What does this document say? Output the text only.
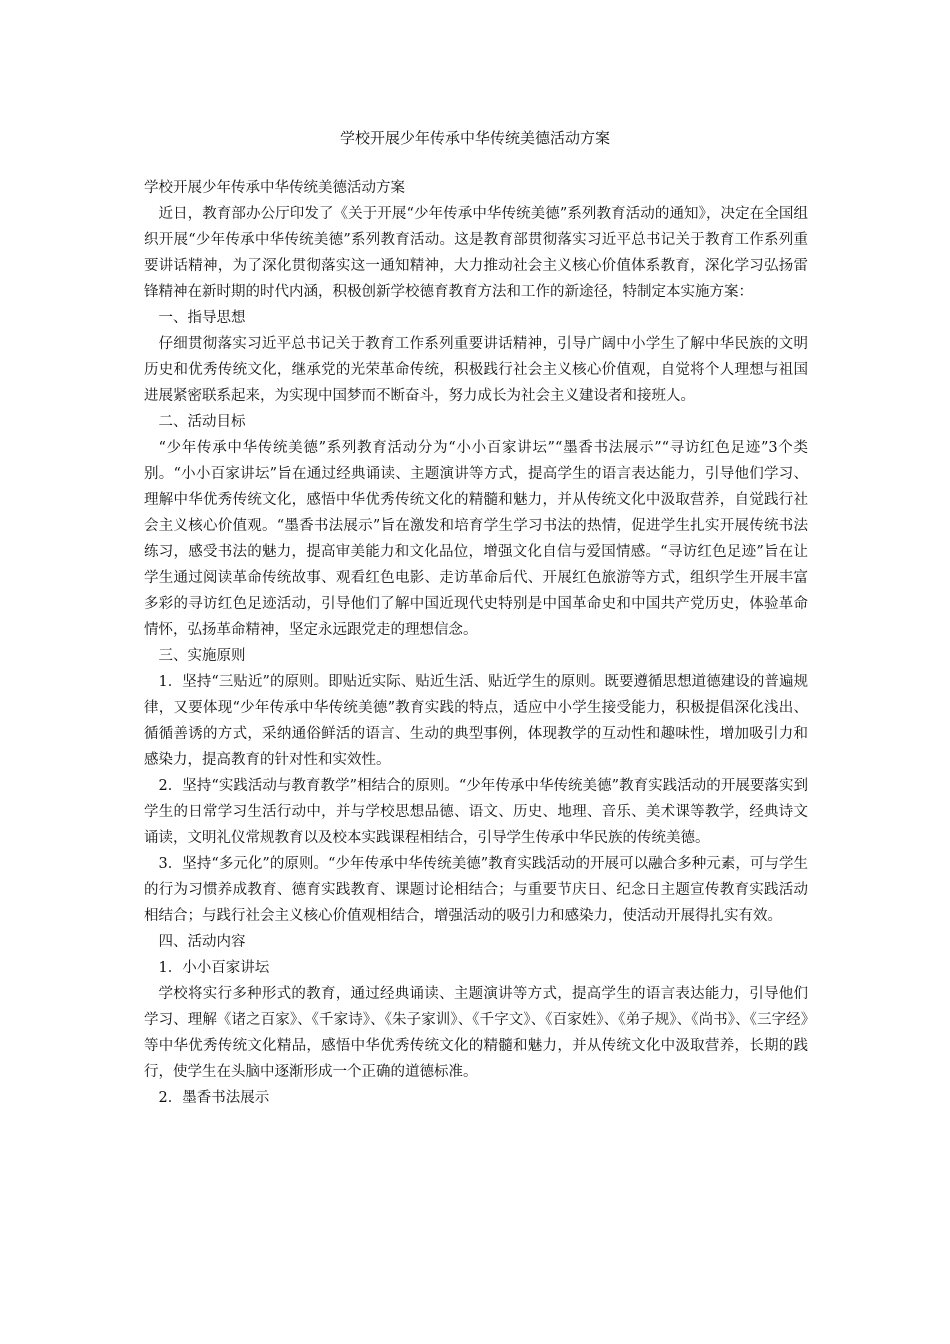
学校开展少年传承中华传统美德活动方案

学校开展少年传承中华传统美德活动方案

近日，教育部办公厅印发了《关于开展“少年传承中华传统美德”系列教育活动的通知》，决定在全国组织开展“少年传承中华传统美德”系列教育活动。这是教育部贯彻落实习近平总书记关于教育工作系列重要讲话精神，为了深化贯彻落实这一通知精神，大力推动社会主义核心价值体系教育，深化学习弘扬雷锋精神在新时期的时代内涵，积极创新学校德育教育方法和工作的新途径，特制定本实施方案：

一、指导思想

仔细贯彻落实习近平总书记关于教育工作系列重要讲话精神，引导广阔中小学生了解中华民族的文明历史和优秀传统文化，继承党的光荣革命传统，积极践行社会主义核心价值观，自觉将个人理想与祖国进展紧密联系起来，为实现中国梦而不断奋斗，努力成长为社会主义建设者和接班人。

二、活动目标

“少年传承中华传统美德”系列教育活动分为“小小百家讲坛”“墨香书法展示”“寻访红色足迹”3个类别。“小小百家讲坛”旨在通过经典诵读、主题演讲等方式，提高学生的语言表达能力，引导他们学习、理解中华优秀传统文化，感悟中华优秀传统文化的精髓和魅力，并从传统文化中汲取营养，自觉践行社会主义核心价值观。“墨香书法展示”旨在激发和培育学生学习书法的热情，促进学生扎实开展传统书法练习，感受书法的魅力，提高审美能力和文化品位，增强文化自信与爱国情感。“寻访红色足迹”旨在让学生通过阅读革命传统故事、观看红色电影、走访革命后代、开展红色旅游等方式，组织学生开展丰富多彩的寻访红色足迹活动，引导他们了解中国近现代史特别是中国革命史和中国共产党历史，体验革命情怀，弘扬革命精神，坚定永远跟党走的理想信念。

三、实施原则

1．坚持“三贴近”的原则。即贴近实际、贴近生活、贴近学生的原则。既要遵循思想道德建设的普遍规律，又要体现“少年传承中华传统美德”教育实践的特点，适应中小学生接受能力，积极提倡深化浅出、循循善诱的方式，采纳通俗鲜活的语言、生动的典型事例，体现教学的互动性和趣味性，增加吸引力和感染力，提高教育的针对性和实效性。

2．坚持“实践活动与教育教学”相结合的原则。“少年传承中华传统美德”教育实践活动的开展要落实到学生的日常学习生活行动中，并与学校思想品德、语文、历史、地理、音乐、美术课等教学，经典诗文诵读，文明礼仪常规教育以及校本实践课程相结合，引导学生传承中华民族的传统美德。

3．坚持“多元化”的原则。“少年传承中华传统美德”教育实践活动的开展可以融合多种元素，可与学生的行为习惯养成教育、德育实践教育、课题讨论相结合；与重要节庆日、纪念日主题宣传教育实践活动相结合；与践行社会主义核心价值观相结合，增强活动的吸引力和感染力，使活动开展得扎实有效。

四、活动内容

1．小小百家讲坛

学校将实行多种形式的教育，通过经典诵读、主题演讲等方式，提高学生的语言表达能力，引导他们学习、理解《诸之百家》、《千家诗》、《朱子家训》、《千字文》、《百家姓》、《弟子规》、《尚书》、《三字经》等中华优秀传统文化精品，感悟中华优秀传统文化的精髓和魅力，并从传统文化中汲取营养，长期的践行，使学生在头脑中逐渐形成一个正确的道德标准。

2．墨香书法展示
